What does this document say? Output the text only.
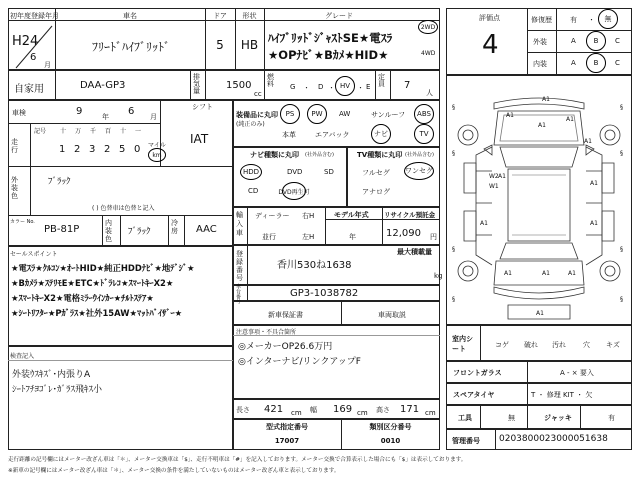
初年度登録年月	車名	ドア	形状	グレード
H24
6
月
ﾌﾘｰﾄﾞﾊｲﾌﾞﾘｯﾄﾞ	5	HB ﾊｲﾌﾞﾘｯﾄﾞｼﾞｬｽﾄSE★電ｽﾗ
★OPﾅﾋﾞ★Bｶﾒ★HID★
2WD
4WD
自家用	DAA-GP3
排気量	1500
cc
燃料 G ・ D ・ HV ・ E
定員 7
人
車検	9	年 6 月
シフト
IAT
走行
記号 十 万 千 百 十 一
1 2 3 2 5 0 マイル
km
外装色
ﾌﾞﾗｯｸ
( ) 色替車は色替と記入
カラー No.
PB-81P
内装色
ﾌﾞﾗｯｸ
冷房 AAC
セールスポイント
★電ｽﾗ★ｸﾙｺﾝ★ｵｰﾄHID★純正HDDﾅﾋﾞ★地ﾃﾞｼﾞ★
★Bｶﾒﾗ★ｽﾃﾘﾓE★ETC★ﾄﾞﾗﾚｺ★ｽﾏｰﾄｷｰX2★
★ｽﾏｰﾄｷｰX2★電格ﾐﾗｰｳｲﾝｶｰ★ﾁﾙﾄｽﾃｱ★
★ｼｰﾄﾘﾌﾀｰ★Pｶﾞﾗｽ★社外15AW★ﾏｯﾄﾊﾞｲｻﾞｰ★
検査記入
外装ｳｽｷｽﾞ･内張りA
ｼｰﾄﾌﾁﾖｺﾞﾚ･ｶﾞﾗｽ飛ｷｽ小
装備品に丸印
(純正のみ)
PS	PW	AW	サンルーフ	ABS
本革	エアバック	ナビ	TV
ナビ種類に丸印 (社外品含む)
HDD	DVD	SD
CD	DVD再生可
TV種類に丸印 (社外品含む)
フルセグ ワンセグ
アナログ
輸入車
ディーラー
並行
右H
左H
モデル年式
年
リサイクル預託金
12,090 円
登録番号
香川530ね1638
最大積載量
kg
車台番号
GP3-1038782
新車保証書	車両取説
注意事項・不具合箇所
◎メーカーOP26.6万円
◎インターナビ/リンクアップF
長さ 421 cm 幅 169 cm 高さ 171 cm
型式指定番号
17007
類別区分番号
0010
評価点
4
修復歴	有 ・	無
外装	A	B	C
内装	A	B	C
§	§
§	§
§	§
§	§
A1
A1
A1
A1
A1
W2 A1
W1
A1
A1
A1
A1
A1	A1
A1
室内シート	コゲ 破れ 汚れ 穴 キズ
フロントガラス	A - × 要入
スペアタイヤ	T ・ 修理 KIT ・ 欠
工具	無	ジャッキ	有
管理番号 0203800023000051638
走行距離の記号欄にはメーター改ざん車は「＊」、メーター交換車は「$」、走行不明車は「#」を記入しております。メーター交換で合算表示した場合にも「$」は表示しております。
※新車の記号欄にはメーター改ざん車は「＊」、メーター交換の条件を満たしていないものはメーター改ざん車と表示しております。
